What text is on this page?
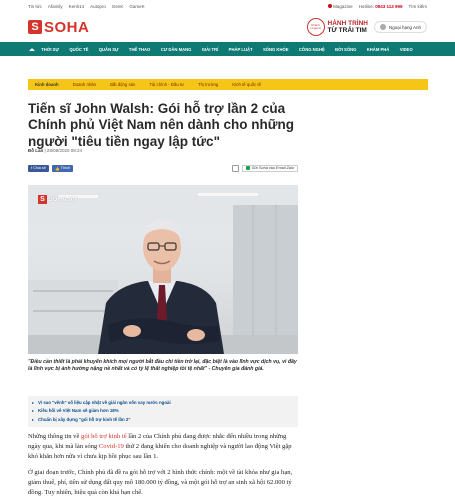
Tin tức Afamily Kenh14 Autopro GenK GameK	Magazine Hotline: 0943 113 999 Tìm kiếm
S SOHA	Khánh
Legend
HÀNH TRÌNH
TỪ TRÁI TIM	Ngoại hạng Anh
THỜI SỰ	QUỐC TẾ	QUÂN SỰ	THỂ THAO	CƯ DÂN MẠNG	GIẢI TRÍ	PHÁP LUẬT	SỐNG KHỎE	CÔNG NGHỆ	ĐỜI SỐNG	KHÁM PHÁ	VIDEO
Kinh doanh	Doanh nhân	Bất động sản	Tài chính - Đầu tư	Thị trường	Kinh tế quốc tế
Tiến sĩ John Walsh: Gói hỗ trợ lần 2 của Chính phủ Việt Nam nên dành cho những người "tiêu tiền ngay lập tức"
Đỗ Lan | 28/08/2020 08:24
f Chia sẻ 👍 Thích	Gửi Soha vào Email Zalo
S SOHA.VN

"Điều cần thiết là phải khuyến khích mọi người bắt đầu chi tiền trở lại, đặc biệt là vào lĩnh vực dịch vụ, vì đây là lĩnh vực bị ảnh hưởng nặng nề nhất và có tỷ lệ thất nghiệp tồi tệ nhất" - Chuyên gia đánh giá.

Vì sao "vênh" số liệu cập nhật về giải ngân vốn vay nước ngoài
Kiều hối về Việt Nam sẽ giảm hơn 18%
Chuẩn bị xây dựng "gói hỗ trợ kinh tế lần 2"

Những thông tin về gói hỗ trợ kinh tế lần 2 của Chính phủ đang được nhắc đến nhiều trong những ngày qua, khi mà làn sóng Covid-19 thứ 2 đang khiến cho doanh nghiệp và người lao động Việt gặp khó khăn hơn nữa vì chưa kịp hồi phục sau lần 1.

Ở giai đoạn trước, Chính phủ đã đề ra gói hỗ trợ với 2 hình thức chính: một về tài khóa như gia hạn, giảm thuế, phí, tiền sử dụng đất quy mô 180.000 tỷ đồng, và một gói hỗ trợ an sinh xã hội 62.000 tỷ đồng. Tuy nhiên, hiệu quả còn khá hạn chế.
